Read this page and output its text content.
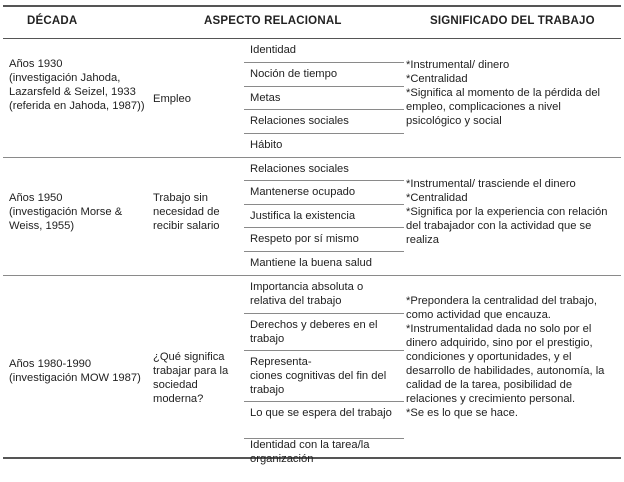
DÉCADA	ASPECTO RELACIONAL	SIGNIFICADO DEL TRABAJO
Años 1930
(investigación Jahoda, Lazarsfeld & Seizel, 1933 (referida en Jahoda, 1987))
Empleo
Identidad
Noción de tiempo
Metas
Relaciones sociales
Hábito
*Instrumental/ dinero
*Centralidad
*Significa al momento de la pérdida del empleo, complicaciones a nivel psicológico y social
Años 1950
(investigación Morse & Weiss, 1955)
Trabajo sin necesidad de recibir salario
Relaciones sociales
Mantenerse ocupado
Justifica la existencia
Respeto por sí mismo
Mantiene la buena salud
*Instrumental/ trasciende el dinero
*Centralidad
*Significa por la experiencia con relación del trabajador con la actividad que se realiza
Años 1980-1990
(investigación MOW 1987)
¿Qué significa trabajar para la sociedad moderna?
Importancia absoluta o relativa del trabajo
Derechos y deberes en el trabajo
Representa-
ciones cognitivas del fin del trabajo
Lo que se espera del trabajo
Identidad con la tarea/la organización
*Prepondera la centralidad del trabajo, como actividad que encauza.
*Instrumentalidad dada no solo por el dinero adquirido, sino por el prestigio, condiciones y oportunidades, y el desarrollo de habilidades, autonomía, la calidad de la tarea, posibilidad de relaciones y crecimiento personal.
*Se es lo que se hace.
